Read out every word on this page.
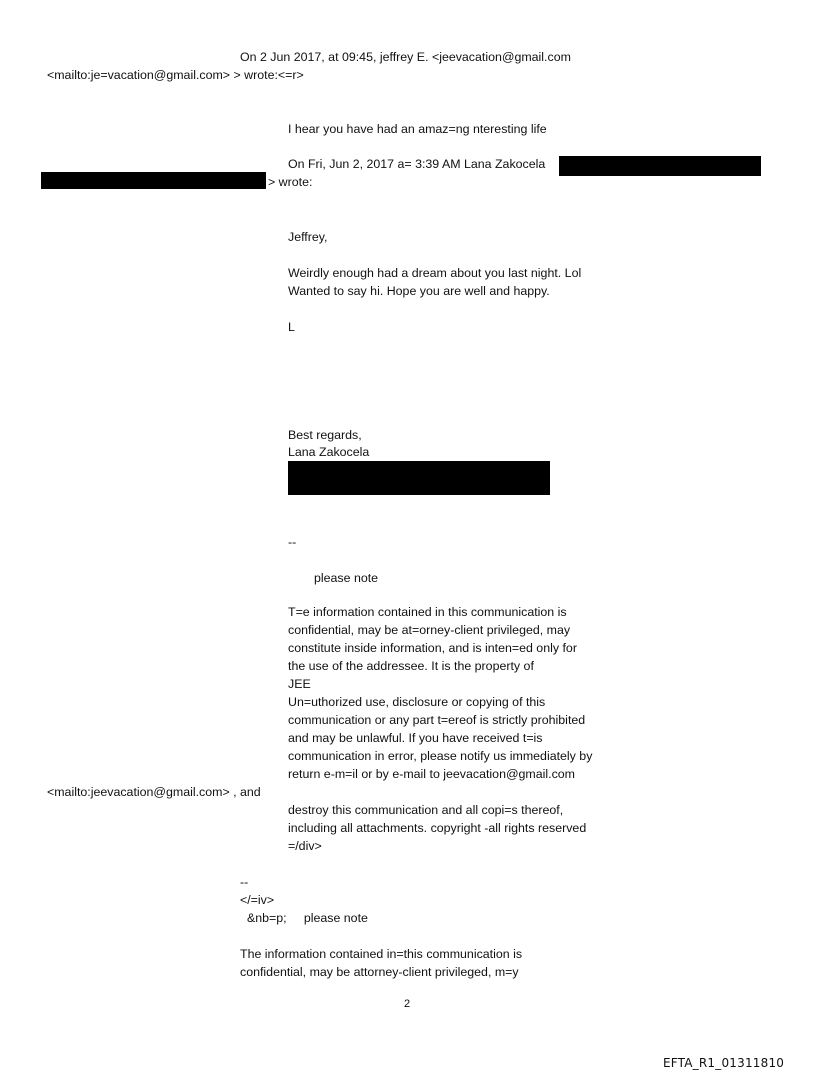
On 2 Jun 2017, at 09:45, jeffrey E. <jeevacation@gmail.com
<mailto:je=vacation@gmail.com> > wrote:<=r>
I hear you have had an amaz=ng nteresting life
On Fri, Jun 2, 2017 a= 3:39 AM Lana Zakocela
> wrote:
Jeffrey,
Weirdly enough had a dream about you last night. Lol
Wanted to say hi. Hope you are well and happy.
L
Best regards,
Lana Zakocela
--
please note
T=e information contained in this communication is
confidential, may be at=orney-client privileged, may
constitute inside information, and is inten=ed only for
the use of the addressee. It is the property of
JEE
Un=uthorized use, disclosure or copying of this
communication or any part t=ereof is strictly prohibited
and may be unlawful. If you have received t=is
communication in error, please notify us immediately by
return e-m=il or by e-mail to jeevacation@gmail.com
<mailto:jeevacation@gmail.com> , and
destroy this communication and all copi=s thereof,
including all attachments. copyright -all rights reserved
=/div>
--
</=iv>
&nb=p;     please note
The information contained in=this communication is
confidential, may be attorney-client privileged, m=y
2
EFTA_R1_01311810
